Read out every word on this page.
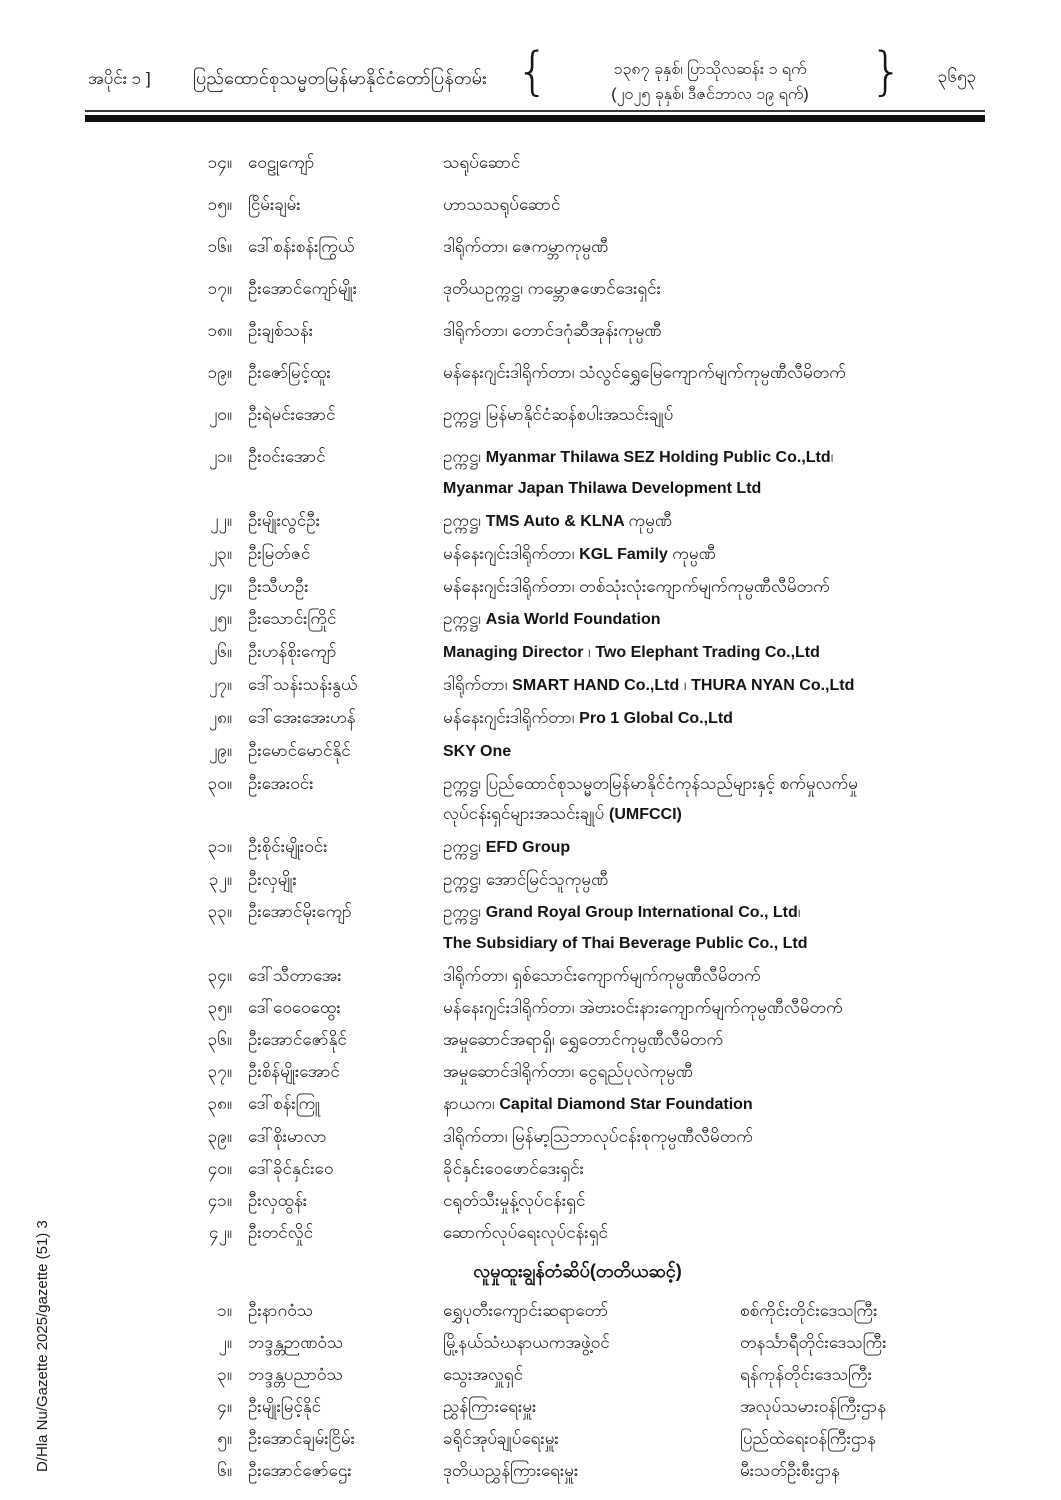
D/Hla Nu/Gazette 2025/gazette (51) 3
အပိုင်း ၁ ] ပြည်ထောင်စုသမ္မတမြန်မာနိုင်ငံတော်ပြန်တမ်း {	၁၃၈၇ ခုနှစ်၊ ပြာသိုလဆန်း ၁ ရက်
(၂၀၂၅ ခုနှစ်၊ ဒီဇင်ဘာလ ၁၉ ရက်)	}	၃၆၅၃
၁၄။ ဝေဠုကျော်	သရုပ်ဆောင်
၁၅။ ငြိမ်းချမ်း	ဟာသသရုပ်ဆောင်
၁၆။ ဒေါ်စန်းစန်းကြွယ်	ဒါရိုက်တာ၊ ဇေကမ္ဘာကုမ္ပဏီ
၁၇။ ဦးအောင်ကျော်မျိုး	ဒုတိယဥက္ကဋ္ဌ၊ ကမ္ဘောဇဖောင်ဒေးရှင်း
၁၈။ ဦးချစ်သန်း	ဒါရိုက်တာ၊ တောင်ဒဂုံဆီအုန်းကုမ္ပဏီ
၁၉။ ဦးဇော်မြင့်ထူး	မန်နေးဂျင်းဒါရိုက်တာ၊ သံလွင်ရွှေမြေကျောက်မျက်ကုမ္ပဏီလီမိတက်
၂၀။ ဦးရဲမင်းအောင်	ဥက္ကဋ္ဌ၊ မြန်မာနိုင်ငံဆန်စပါးအသင်းချုပ်
၂၁။ ဦးဝင်းအောင်	ဥက္ကဋ္ဌ၊ Myanmar Thilawa SEZ Holding Public Co.,Ltd၊
Myanmar Japan Thilawa Development Ltd
၂၂။ ဦးမျိုးလွင်ဦး	ဥက္ကဋ္ဌ၊ TMS Auto & KLNA ကုမ္ပဏီ
၂၃။ ဦးမြတ်ဇင်	မန်နေးဂျင်းဒါရိုက်တာ၊ KGL Family ကုမ္ပဏီ
၂၄။ ဦးသီဟဦး	မန်နေးဂျင်းဒါရိုက်တာ၊ တစ်သုံးလုံးကျောက်မျက်ကုမ္ပဏီလီမိတက်
၂၅။ ဦးသောင်းကြိုင်	ဥက္ကဋ္ဌ၊ Asia World Foundation
၂၆။ ဦးဟန်စိုးကျော်	Managing Director ၊ Two Elephant Trading Co.,Ltd
၂၇။ ဒေါ်သန်းသန်းနွယ်	ဒါရိုက်တာ၊ SMART HAND Co.,Ltd ၊ THURA NYAN Co.,Ltd
၂၈။ ဒေါ်အေးအေးဟန်	မန်နေးဂျင်းဒါရိုက်တာ၊ Pro 1 Global Co.,Ltd
၂၉။ ဦးမောင်မောင်နိုင်	SKY One
၃၀။ ဦးအေးဝင်း	ဥက္ကဋ္ဌ၊ ပြည်ထောင်စုသမ္မတမြန်မာနိုင်ငံကုန်သည်များနှင့် စက်မှုလက်မှု
လုပ်ငန်းရှင်များအသင်းချုပ် (UMFCCI)
၃၁။ ဦးစိုင်းမျိုးဝင်း	ဥက္ကဋ္ဌ၊ EFD Group
၃၂။ ဦးလှမျိုး	ဥက္ကဋ္ဌ၊ အောင်မြင်သူကုမ္ပဏီ
၃၃။ ဦးအောင်မိုးကျော်	ဥက္ကဋ္ဌ၊ Grand Royal Group International Co., Ltd၊
The Subsidiary of Thai Beverage Public Co., Ltd
၃၄။ ဒေါ်သီတာအေး	ဒါရိုက်တာ၊ ရှစ်သောင်းကျောက်မျက်ကုမ္ပဏီလီမိတက်
၃၅။ ဒေါ်ဝေဝေထွေး	မန်နေးဂျင်းဒါရိုက်တာ၊ အဲဗားဝင်းနားကျောက်မျက်ကုမ္ပဏီလီမိတက်
၃၆။ ဦးအောင်ဇော်နိုင်	အမှုဆောင်အရာရှိ၊ ရွှေတောင်ကုမ္ပဏီလီမိတက်
၃၇။ ဦးစိန်မျိုးအောင်	အမှုဆောင်ဒါရိုက်တာ၊ ငွေရည်ပုလဲကုမ္ပဏီ
၃၈။ ဒေါ်စန်းကြူ	နာယက၊ Capital Diamond Star Foundation
၃၉။ ဒေါ်စိုးမာလာ	ဒါရိုက်တာ၊ မြန်မာ့ဩဘာလုပ်ငန်းစုကုမ္ပဏီလီမိတက်
၄၀။ ဒေါ်ခိုင်နှင်းဝေ	ခိုင်နှင်းဝေဖောင်ဒေးရှင်း
၄၁။ ဦးလှထွန်း	ငရုတ်သီးမှုန့်လုပ်ငန်းရှင်
၄၂။ ဦးတင်လှိုင်	ဆောက်လုပ်ရေးလုပ်ငန်းရှင်
လူမှုထူးချွန်တံဆိပ်(တတိယဆင့်)
၁။ ဦးနာဂဝံသ	ရွှေပုတီးကျောင်းဆရာတော်	စစ်ကိုင်းတိုင်းဒေသကြီး
၂။ ဘဒ္ဒန္တဉာဏဝံသ	မြို့နယ်သံဃနာယကအဖွဲ့ဝင်	တနင်္သာရီတိုင်းဒေသကြီး
၃။ ဘဒ္ဒန္တပညာဝံသ	သွေးအလှူရှင်	ရန်ကုန်တိုင်းဒေသကြီး
၄။ ဦးမျိုးမြင့်နိုင်	ညွှန်ကြားရေးမှူး	အလုပ်သမားဝန်ကြီးဌာန
၅။ ဦးအောင်ချမ်းငြိမ်း	ခရိုင်အုပ်ချုပ်ရေးမှူး	ပြည်ထဲရေးဝန်ကြီးဌာန
၆။ ဦးအောင်ဇော်ဌေး	ဒုတိယညွှန်ကြားရေးမှူး	မီးသတ်ဦးစီးဌာန
